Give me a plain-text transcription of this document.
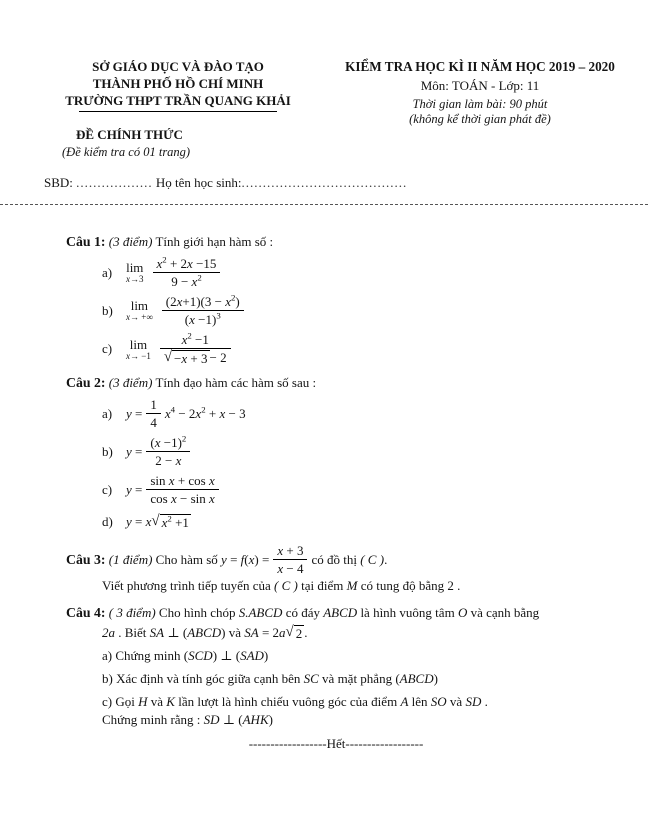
SỞ GIÁO DỤC VÀ ĐÀO TẠO
THÀNH PHỐ HỒ CHÍ MINH
TRƯỜNG THPT TRẦN QUANG KHẢI
ĐỀ CHÍNH THỨC
(Đề kiểm tra có 01 trang)
KIỂM TRA HỌC KÌ II NĂM HỌC 2019 – 2020
Môn: TOÁN - Lớp: 11
Thời gian làm bài: 90 phút
(không kể thời gian phát đề)
SBD: .................. Họ tên học sinh:.......................................
Câu 1: (3 điểm) Tính giới hạn hàm số :
a)	lim
$x\to 3 \frac{x^2 + 2x -15}{9 - x^2}$
b)	lim
x→ +∞ $\frac{(2x+1)(3 - x^2)}{(x -1)^3}$
c)	lim
$x\to -1 \frac{x^2 -1}{√ -x + 3 - 2}$
Câu 2: (3 điểm) Tính đạo hàm các hàm số sau :
a)	$y = \frac{1}{4} x^4 - 2x^2 + x - 3$
b)	$y = \frac{(x -1)^2}{2 - x}$
c)	$y = \frac{\text{sin x + cos x}}{\text{cos x − sin x}}$
d)	y = x √ $x^2 +1$
Câu 3:
(1 điểm)
Cho hàm số $y = f(x) = \frac{x + 3}{x - 4}$ có đồ thị ( C ).
Viết phương trình tiếp tuyến của ( C ) tại điểm M có tung độ bằng 2 .
Câu 4: ( 3 điểm) Cho hình chóp S.ABCD có đáy ABCD là hình vuông tâm O và cạnh bằng
2a . Biết SA ⊥ (ABCD) và SA = 2a √ 2 .
a) Chứng minh (SCD) ⊥ (SAD)
b) Xác định và tính góc giữa cạnh bên SC và mặt phẳng (ABCD)
c) Gọi H và K lần lượt là hình chiếu vuông góc của điểm A lên SO và SD .
Chứng minh rằng : SD ⊥ (AHK)
------------------Hết------------------
